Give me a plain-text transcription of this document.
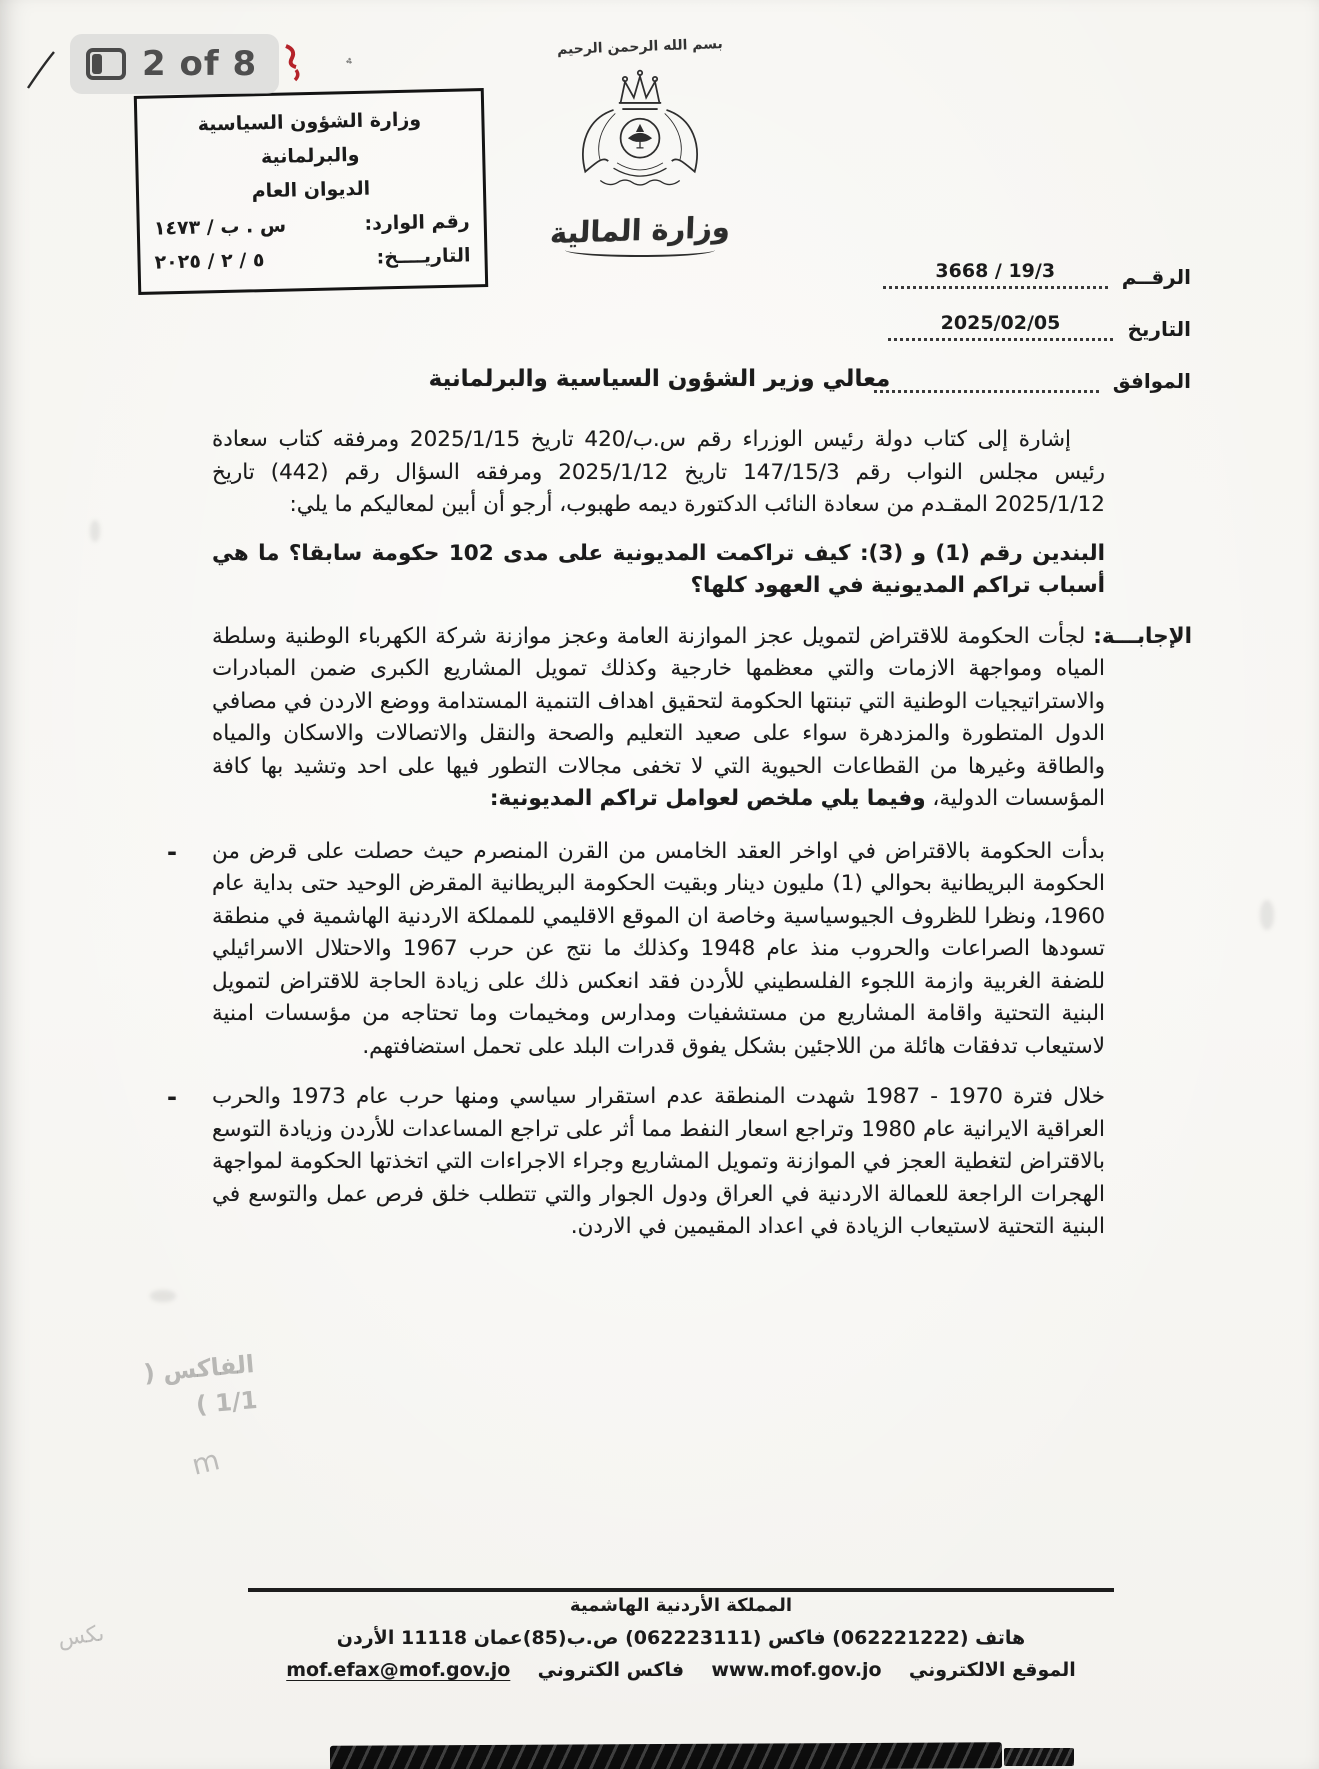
2 of 8	؞
وزارة الشؤون السياسية والبرلمانية
الديوان العام
رقم الوارد:
س . ب / ١٤٧٣
التاريــــخ:
٥ / ٢ / ٢٠٢٥
بسم الله الرحمن الرحيم

وزارة المالية
الرقــم
3668 / 19/3
التاريخ
2025/02/05
الموافق
معالي وزير الشؤون السياسية والبرلمانية

إشارة إلى كتاب دولة رئيس الوزراء رقم س.ب/420 تاريخ 2025/1/15 ومرفقه كتاب سعادة رئيس مجلس النواب رقم 147/15/3 تاريخ 2025/1/12 ومرفقه السؤال رقم (442) تاريخ 2025/1/12 المقـدم من سعادة النائب الدكتورة ديمه طهبوب، أرجو أن أبين لمعاليكم ما يلي:

البندين رقم (1) و (3): كيف تراكمت المديونية على مدى 102 حكومة سابقا؟ ما هي أسباب تراكم المديونية في العهود كلها؟

الإجابـــة: لجأت الحكومة للاقتراض لتمويل عجز الموازنة العامة وعجز موازنة شركة الكهرباء الوطنية وسلطة المياه ومواجهة الازمات والتي معظمها خارجية وكذلك تمويل المشاريع الكبرى ضمن المبادرات والاستراتيجيات الوطنية التي تبنتها الحكومة لتحقيق اهداف التنمية المستدامة ووضع الاردن في مصافي الدول المتطورة والمزدهرة سواء على صعيد التعليم والصحة والنقل والاتصالات والاسكان والمياه والطاقة وغيرها من القطاعات الحيوية التي لا تخفى مجالات التطور فيها على احد وتشيد بها كافة المؤسسات الدولية، وفيما يلي ملخص لعوامل تراكم المديونية:

- بدأت الحكومة بالاقتراض في اواخر العقد الخامس من القرن المنصرم حيث حصلت على قرض من الحكومة البريطانية بحوالي (1) مليون دينار وبقيت الحكومة البريطانية المقرض الوحيد حتى بداية عام 1960، ونظرا للظروف الجيوسياسية وخاصة ان الموقع الاقليمي للمملكة الاردنية الهاشمية في منطقة تسودها الصراعات والحروب منذ عام 1948 وكذلك ما نتج عن حرب 1967 والاحتلال الاسرائيلي للضفة الغربية وازمة اللجوء الفلسطيني للأردن فقد انعكس ذلك على زيادة الحاجة للاقتراض لتمويل البنية التحتية واقامة المشاريع من مستشفيات ومدارس ومخيمات وما تحتاجه من مؤسسات امنية لاستيعاب تدفقات هائلة من اللاجئين بشكل يفوق قدرات البلد على تحمل استضافتهم.

- خلال فترة 1970 - 1987 شهدت المنطقة عدم استقرار سياسي ومنها حرب عام 1973 والحرب العراقية الايرانية عام 1980 وتراجع اسعار النفط مما أثر على تراجع المساعدات للأردن وزيادة التوسع بالاقتراض لتغطية العجز في الموازنة وتمويل المشاريع وجراء الاجراءات التي اتخذتها الحكومة لمواجهة الهجرات الراجعة للعمالة الاردنية في العراق ودول الجوار والتي تتطلب خلق فرص عمل والتوسع في البنية التحتية لاستيعاب الزيادة في اعداد المقيمين في الاردن.

الفاكس ( 1/1 )
m
ىكس
المملكة الأردنية الهاشمية
هاتف (062221222) فاكس (062223111) ص.ب(85)عمان 11118 الأردن
الموقع الالكتروني  www.mof.gov.jo  فاكس الكتروني  mof.efax@mof.gov.jo
